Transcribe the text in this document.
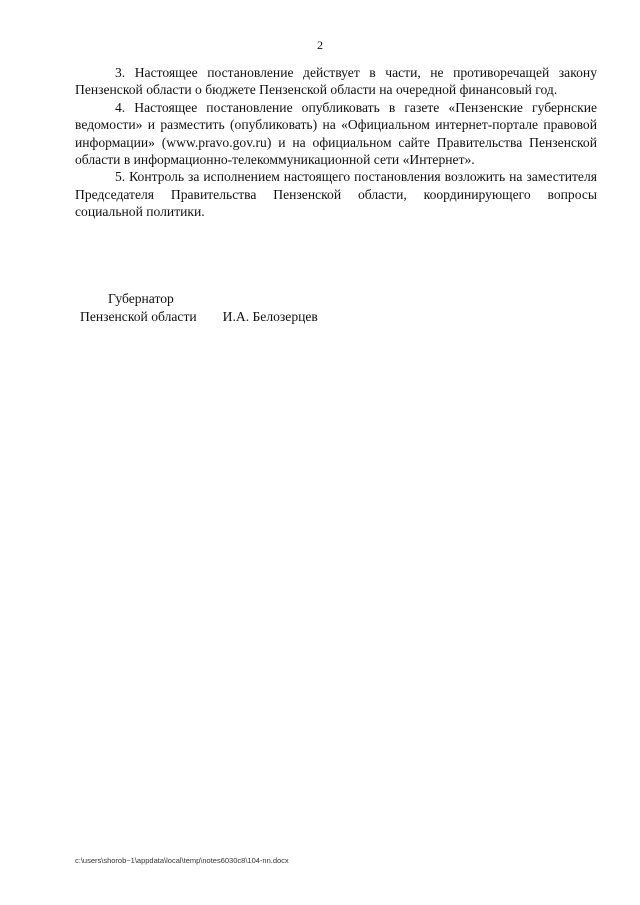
2

3. Настоящее постановление действует в части, не противоречащей закону Пензенской области о бюджете Пензенской области на очередной финансовый год.

4. Настоящее постановление опубликовать в газете «Пензенские губернские ведомости» и разместить (опубликовать) на «Официальном интернет-портале правовой информации» (www.pravo.gov.ru) и на официальном сайте Правительства Пензенской области в информационно-телекоммуникационной сети «Интернет».

5. Контроль за исполнением настоящего постановления возложить на заместителя Председателя Правительства Пензенской области, координирующего вопросы социальной политики.

Губернатор
Пензенской области И.А. Белозерцев
c:\users\shorob~1\appdata\local\temp\notes6030c8\104-nn.docx
